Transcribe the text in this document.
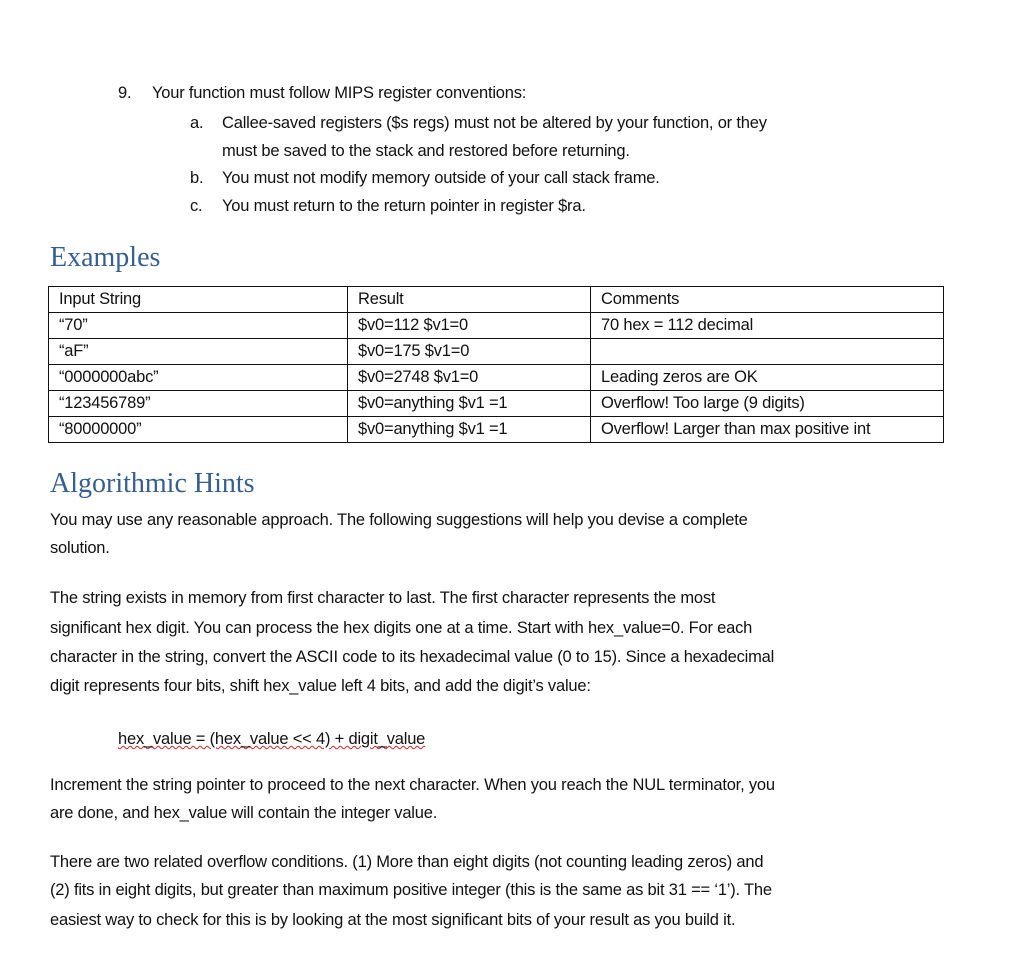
9. Your function must follow MIPS register conventions:
a. Callee-saved registers ($s regs) must not be altered by your function, or they
must be saved to the stack and restored before returning.
b. You must not modify memory outside of your call stack frame.
c. You must return to the return pointer in register $ra.
Examples
Input String	Result	Comments
“70”	$v0=112 $v1=0	70 hex = 112 decimal
“aF”	$v0=175 $v1=0	
“0000000abc”	$v0=2748 $v1=0	Leading zeros are OK
“123456789”	$v0=anything $v1 =1	Overflow! Too large (9 digits)
“80000000”	$v0=anything $v1 =1	Overflow! Larger than max positive int
Algorithmic Hints
You may use any reasonable approach. The following suggestions will help you devise a complete
solution.
The string exists in memory from first character to last. The first character represents the most
significant hex digit. You can process the hex digits one at a time. Start with hex_value=0. For each
character in the string, convert the ASCII code to its hexadecimal value (0 to 15). Since a hexadecimal
digit represents four bits, shift hex_value left 4 bits, and add the digit’s value:
hex_value = (hex_value << 4) + digit_value
Increment the string pointer to proceed to the next character. When you reach the NUL terminator, you
are done, and hex_value will contain the integer value.
There are two related overflow conditions. (1) More than eight digits (not counting leading zeros) and
(2) fits in eight digits, but greater than maximum positive integer (this is the same as bit 31 == ‘1’). The
easiest way to check for this is by looking at the most significant bits of your result as you build it.
